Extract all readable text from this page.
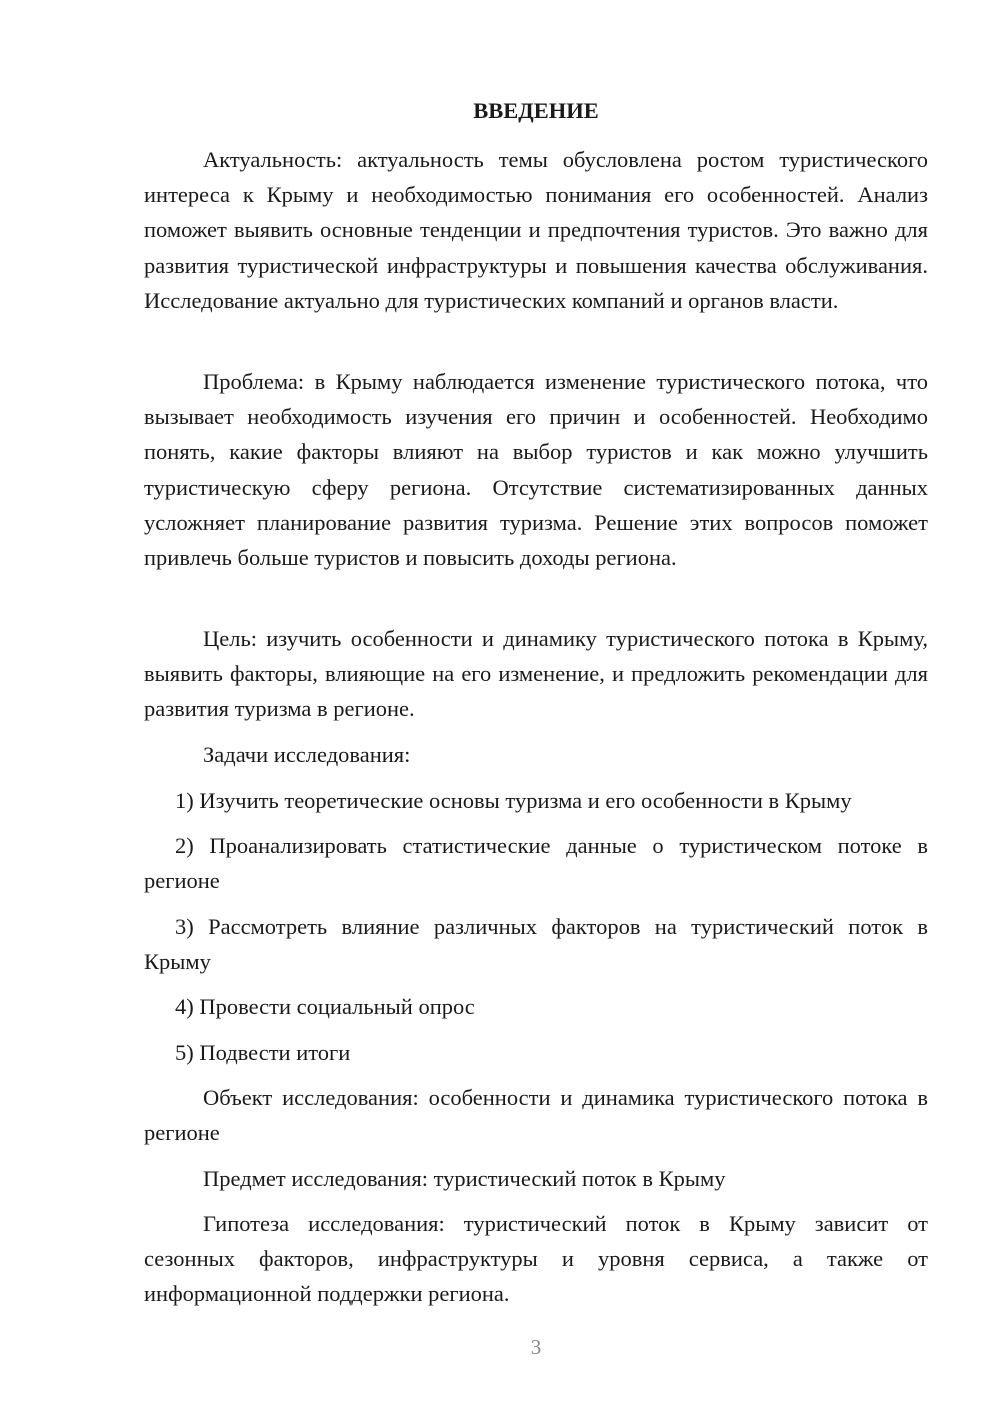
ВВЕДЕНИЕ

Актуальность: актуальность темы обусловлена ростом туристического интереса к Крыму и необходимостью понимания его особенностей. Анализ поможет выявить основные тенденции и предпочтения туристов. Это важно для развития туристической инфраструктуры и повышения качества обслуживания. Исследование актуально для туристических компаний и органов власти.

Проблема: в Крыму наблюдается изменение туристического потока, что вызывает необходимость изучения его причин и особенностей. Необходимо понять, какие факторы влияют на выбор туристов и как можно улучшить туристическую сферу региона. Отсутствие систематизированных данных усложняет планирование развития туризма. Решение этих вопросов поможет привлечь больше туристов и повысить доходы региона.

Цель: изучить особенности и динамику туристического потока в Крыму, выявить факторы, влияющие на его изменение, и предложить рекомендации для развития туризма в регионе.

Задачи исследования:

1) Изучить теоретические основы туризма и его особенности в Крыму

2) Проанализировать статистические данные о туристическом потоке в регионе

3) Рассмотреть влияние различных факторов на туристический поток в Крыму

4) Провести социальный опрос

5) Подвести итоги

Объект исследования: особенности и динамика туристического потока в регионе

Предмет исследования: туристический поток в Крыму

Гипотеза исследования: туристический поток в Крыму зависит от сезонных факторов, инфраструктуры и уровня сервиса, а также от информационной поддержки региона.

3
